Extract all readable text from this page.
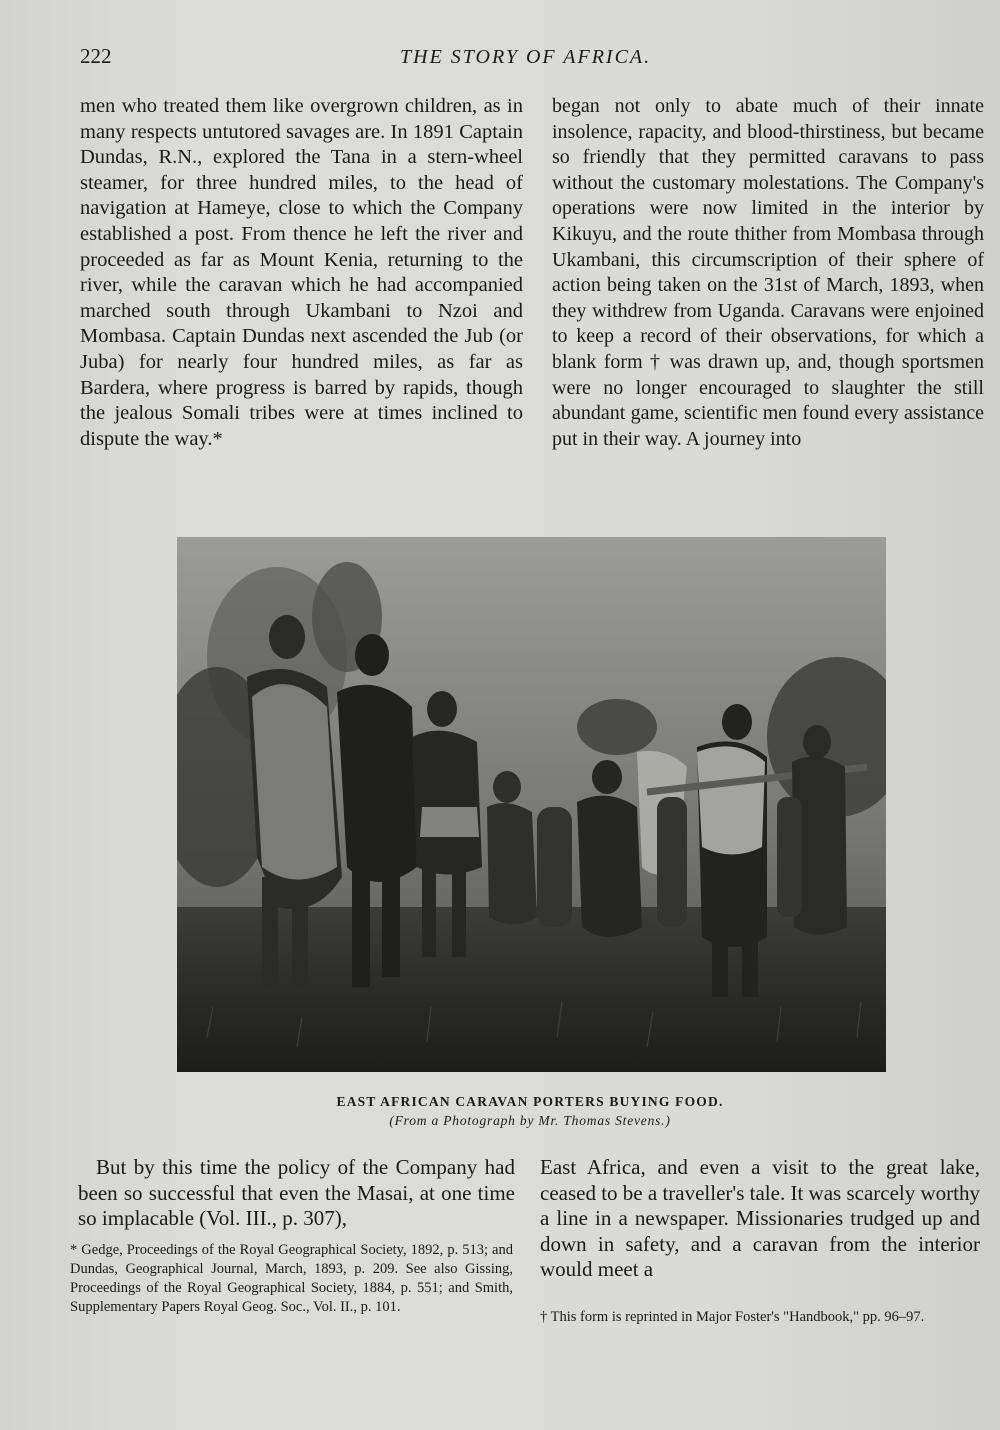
222	THE STORY OF AFRICA.

men who treated them like overgrown children, as in many respects untutored savages are. In 1891 Captain Dundas, R.N., explored the Tana in a stern-wheel steamer, for three hundred miles, to the head of navigation at Hameye, close to which the Company established a post. From thence he left the river and proceeded as far as Mount Kenia, returning to the river, while the caravan which he had accompanied marched south through Ukambani to Nzoi and Mombasa. Captain Dundas next ascended the Jub (or Juba) for nearly four hundred miles, as far as Bardera, where progress is barred by rapids, though the jealous Somali tribes were at times inclined to dispute the way.*

began not only to abate much of their innate insolence, rapacity, and blood-thirstiness, but became so friendly that they permitted caravans to pass without the customary molestations. The Company's operations were now limited in the interior by Kikuyu, and the route thither from Mombasa through Ukambani, this circumscription of their sphere of action being taken on the 31st of March, 1893, when they withdrew from Uganda. Caravans were enjoined to keep a record of their observations, for which a blank form † was drawn up, and, though sportsmen were no longer encouraged to slaughter the still abundant game, scientific men found every assistance put in their way. A journey into

EAST AFRICAN CARAVAN PORTERS BUYING FOOD.
(From a Photograph by Mr. Thomas Stevens.)

But by this time the policy of the Company had been so successful that even the Masai, at one time so implacable (Vol. III., p. 307),

East Africa, and even a visit to the great lake, ceased to be a traveller's tale. It was scarcely worthy a line in a newspaper. Missionaries trudged up and down in safety, and a caravan from the interior would meet a

* Gedge, Proceedings of the Royal Geographical Society, 1892, p. 513; and Dundas, Geographical Journal, March, 1893, p. 209. See also Gissing, Proceedings of the Royal Geographical Society, 1884, p. 551; and Smith, Supplementary Papers Royal Geog. Soc., Vol. II., p. 101.
† This form is reprinted in Major Foster's "Handbook," pp. 96–97.
